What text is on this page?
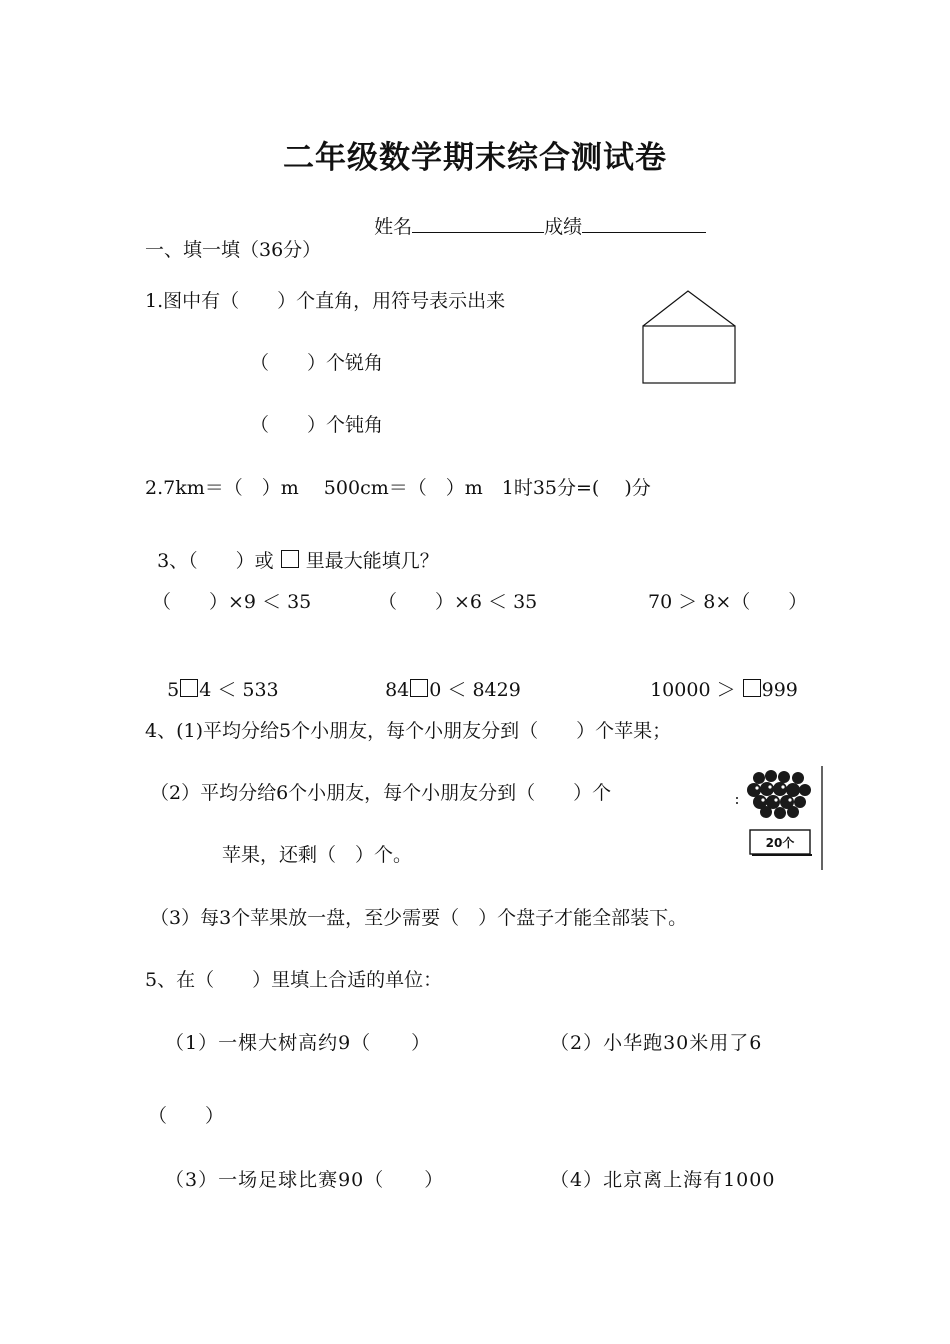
二年级数学期末综合测试卷

姓名	成绩

一、填一填（36分）
1.图中有（　　）个直角，用符号表示出来
（　　）个锐角
（　　）个钝角
2.7km＝（　）m　 500cm＝（　）m　1时35分=(　 )分

3、（　　）或 里最大能填几？

（　　）×9 ＜ 35	（　　）×6 ＜ 35	70 ＞ 8×（　　）

5 4 ＜ 533	84 0 ＜ 8429	10000 ＞ 999

4、(1)平均分给5个小朋友，每个小朋友分到（　　）个苹果；
（2）平均分给6个小朋友，每个小朋友分到（　　）个
苹果，还剩（　）个。
（3）每3个苹果放一盘，至少需要（　）个盘子才能全部装下。
20个
5、在（　　）里填上合适的单位：
（1）一棵大树高约9（　　）	（2）小华跑30米用了6
（　　）
（3）一场足球比赛90（　　）	（4）北京离上海有1000
